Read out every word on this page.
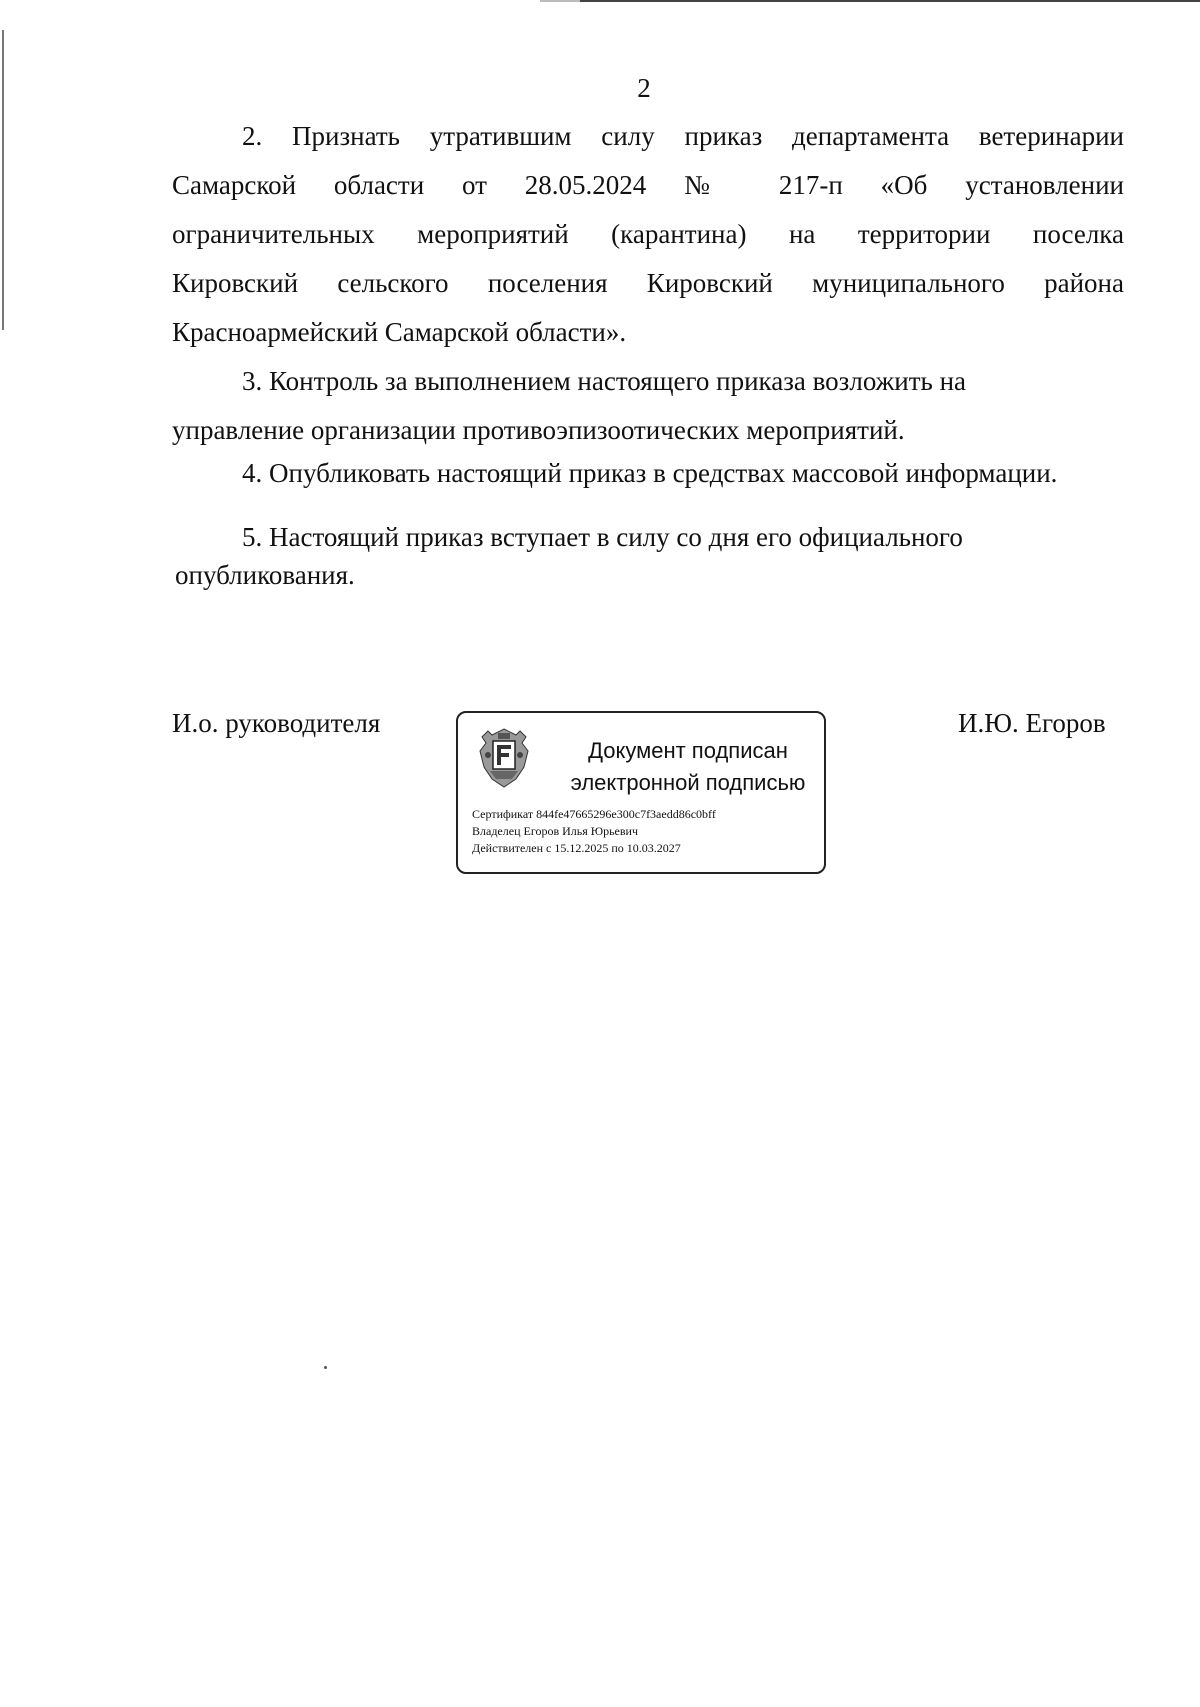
2

2. Признать утратившим силу приказ департамента ветеринарии

Самарской области от 28.05.2024 № 217-п «Об установлении

ограничительных мероприятий (карантина) на территории поселка

Кировский сельского поселения Кировский муниципального района

Красноармейский Самарской области».

3. Контроль за выполнением настоящего приказа возложить на

управление организации противоэпизоотических мероприятий.

4. Опубликовать настоящий приказ в средствах массовой информации.

5. Настоящий приказ вступает в силу со дня его официального

опубликования.

И.о. руководителя	И.Ю. Егоров
Документ подписан
электронной подписью
Сертификат 844fe47665296e300c7f3aedd86c0bff
Владелец Егоров Илья Юрьевич
Действителен с 15.12.2025 по 10.03.2027
